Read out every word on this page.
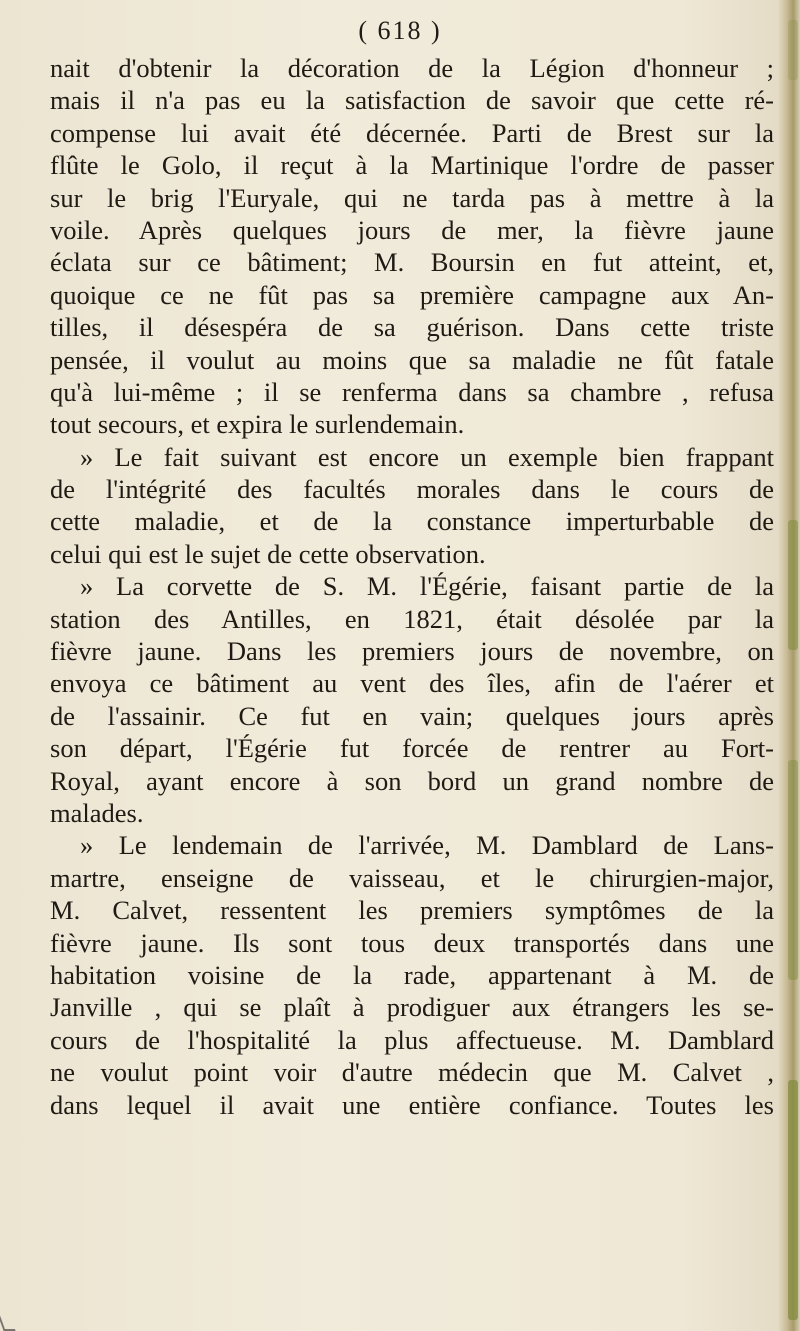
( 618 )
nait d'obtenir la décoration de la Légion d'honneur ;
mais il n'a pas eu la satisfaction de savoir que cette ré-
compense lui avait été décernée. Parti de Brest sur la
flûte le Golo, il reçut à la Martinique l'ordre de passer
sur le brig l'Euryale, qui ne tarda pas à mettre à la
voile. Après quelques jours de mer, la fièvre jaune
éclata sur ce bâtiment; M. Boursin en fut atteint, et,
quoique ce ne fût pas sa première campagne aux An-
tilles, il désespéra de sa guérison. Dans cette triste
pensée, il voulut au moins que sa maladie ne fût fatale
qu'à lui-même ; il se renferma dans sa chambre , refusa
tout secours, et expira le surlendemain.
» Le fait suivant est encore un exemple bien frappant
de l'intégrité des facultés morales dans le cours de
cette maladie, et de la constance imperturbable de
celui qui est le sujet de cette observation.
» La corvette de S. M. l'Égérie, faisant partie de la
station des Antilles, en 1821, était désolée par la
fièvre jaune. Dans les premiers jours de novembre, on
envoya ce bâtiment au vent des îles, afin de l'aérer et
de l'assainir. Ce fut en vain; quelques jours après
son départ, l'Égérie fut forcée de rentrer au Fort-
Royal, ayant encore à son bord un grand nombre de
malades.
» Le lendemain de l'arrivée, M. Damblard de Lans-
martre, enseigne de vaisseau, et le chirurgien-major,
M. Calvet, ressentent les premiers symptômes de la
fièvre jaune. Ils sont tous deux transportés dans une
habitation voisine de la rade, appartenant à M. de
Janville , qui se plaît à prodiguer aux étrangers les se-
cours de l'hospitalité la plus affectueuse. M. Damblard
ne voulut point voir d'autre médecin que M. Calvet ,
dans lequel il avait une entière confiance. Toutes les
